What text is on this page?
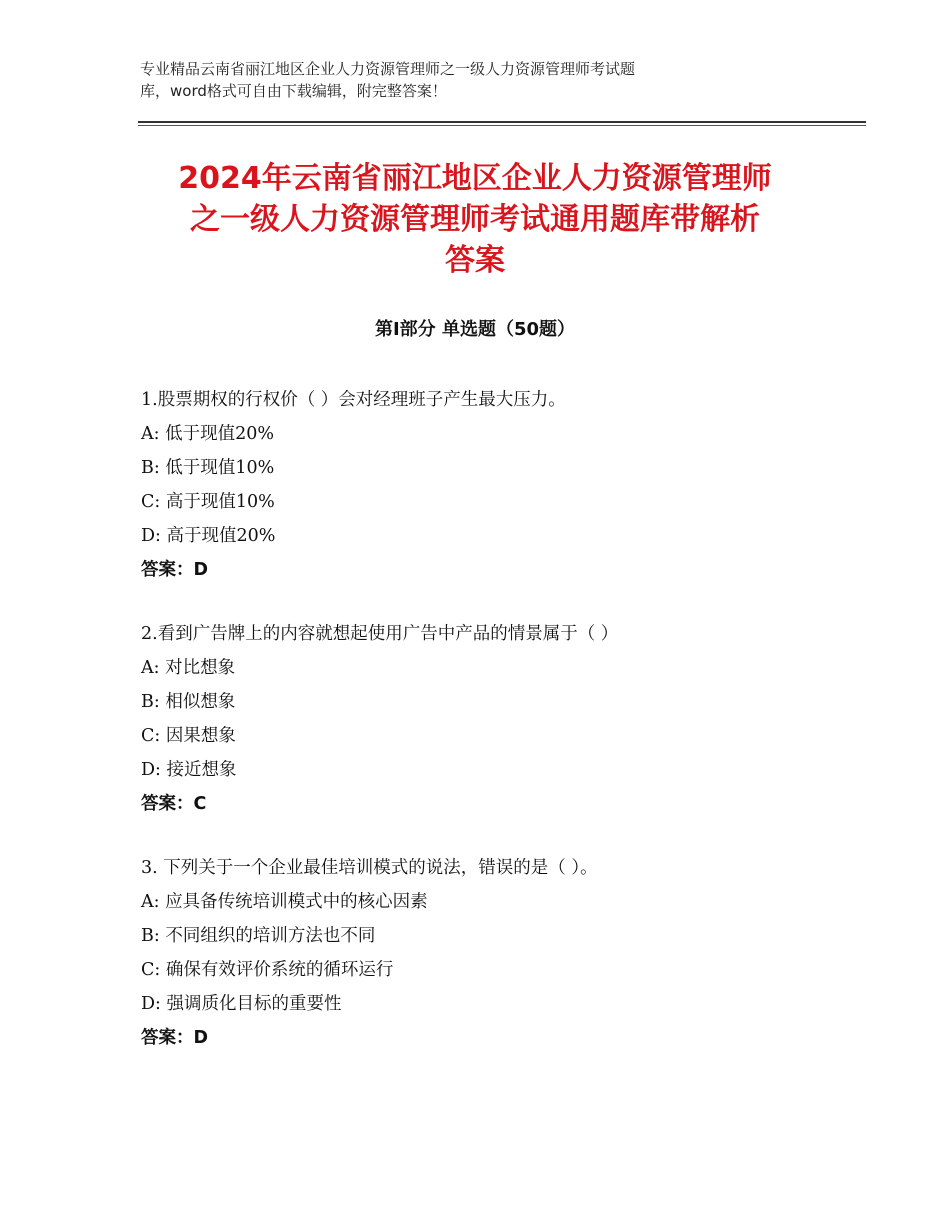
专业精品云南省丽江地区企业人力资源管理师之一级人力资源管理师考试题
库，word格式可自由下载编辑，附完整答案！
2024年云南省丽江地区企业人力资源管理师
之一级人力资源管理师考试通用题库带解析
答案
第Ⅰ部分 单选题（50题）
1.股票期权的行权价（ ）会对经理班子产生最大压力。
A: 低于现值20%
B: 低于现值10%
C: 高于现值10%
D: 高于现值20%
答案：D
2.看到广告牌上的内容就想起使用广告中产品的情景属于（ ）
A: 对比想象
B: 相似想象
C: 因果想象
D: 接近想象
答案：C
3. 下列关于一个企业最佳培训模式的说法，错误的是（ ）。
A: 应具备传统培训模式中的核心因素
B: 不同组织的培训方法也不同
C: 确保有效评价系统的循环运行
D: 强调质化目标的重要性
答案：D
